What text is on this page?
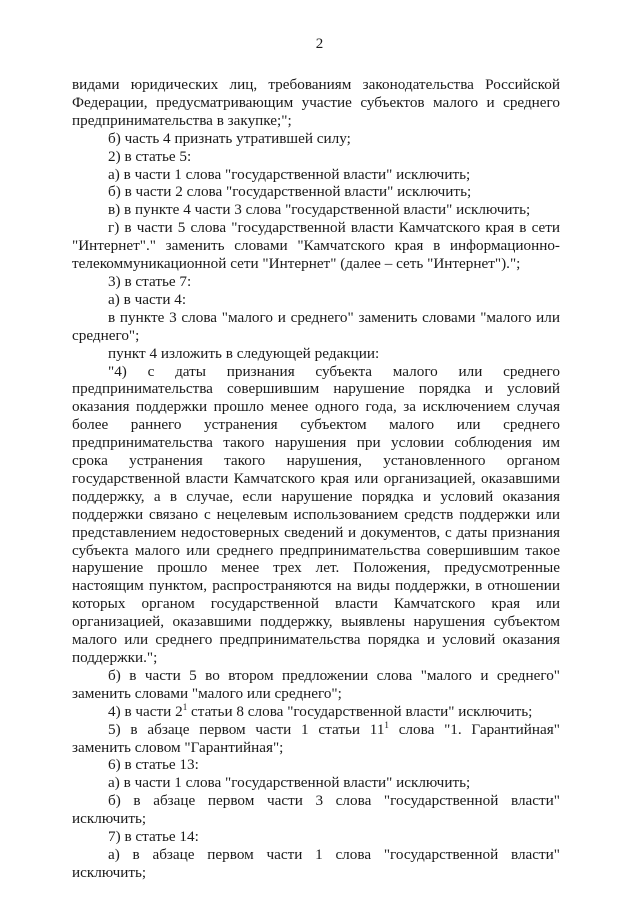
2

видами юридических лиц, требованиям законодательства Российской Федерации, предусматривающим участие субъектов малого и среднего предпринимательства в закупке;";

б) часть 4 признать утратившей силу;

2) в статье 5:

а) в части 1 слова "государственной власти" исключить;

б) в части 2 слова "государственной власти" исключить;

в) в пункте 4 части 3 слова "государственной власти" исключить;

г) в части 5 слова "государственной власти Камчатского края в сети "Интернет"." заменить словами "Камчатского края в информационно-телекоммуникационной сети "Интернет" (далее – сеть "Интернет").";

3) в статье 7:

а) в части 4:

в пункте 3 слова "малого и среднего" заменить словами "малого или среднего";

пункт 4 изложить в следующей редакции:

"4) с даты признания субъекта малого или среднего предпринимательства совершившим нарушение порядка и условий оказания поддержки прошло менее одного года, за исключением случая более раннего устранения субъектом малого или среднего предпринимательства такого нарушения при условии соблюдения им срока устранения такого нарушения, установленного органом государственной власти Камчатского края или организацией, оказавшими поддержку, а в случае, если нарушение порядка и условий оказания поддержки связано с нецелевым использованием средств поддержки или представлением недостоверных сведений и документов, с даты признания субъекта малого или среднего предпринимательства совершившим такое нарушение прошло менее трех лет. Положения, предусмотренные настоящим пунктом, распространяются на виды поддержки, в отношении которых органом государственной власти Камчатского края или организацией, оказавшими поддержку, выявлены нарушения субъектом малого или среднего предпринимательства порядка и условий оказания поддержки.";

б) в части 5 во втором предложении слова "малого и среднего" заменить словами "малого или среднего";

4) в части $2^1$ статьи 8 слова "государственной власти" исключить;

5) в абзаце первом части 1 статьи $11^1$ слова "1. Гарантийная" заменить словом "Гарантийная";

6) в статье 13:

а) в части 1 слова "государственной власти" исключить;

б) в абзаце первом части 3 слова "государственной власти" исключить;

7) в статье 14:

а) в абзаце первом части 1 слова "государственной власти" исключить;
